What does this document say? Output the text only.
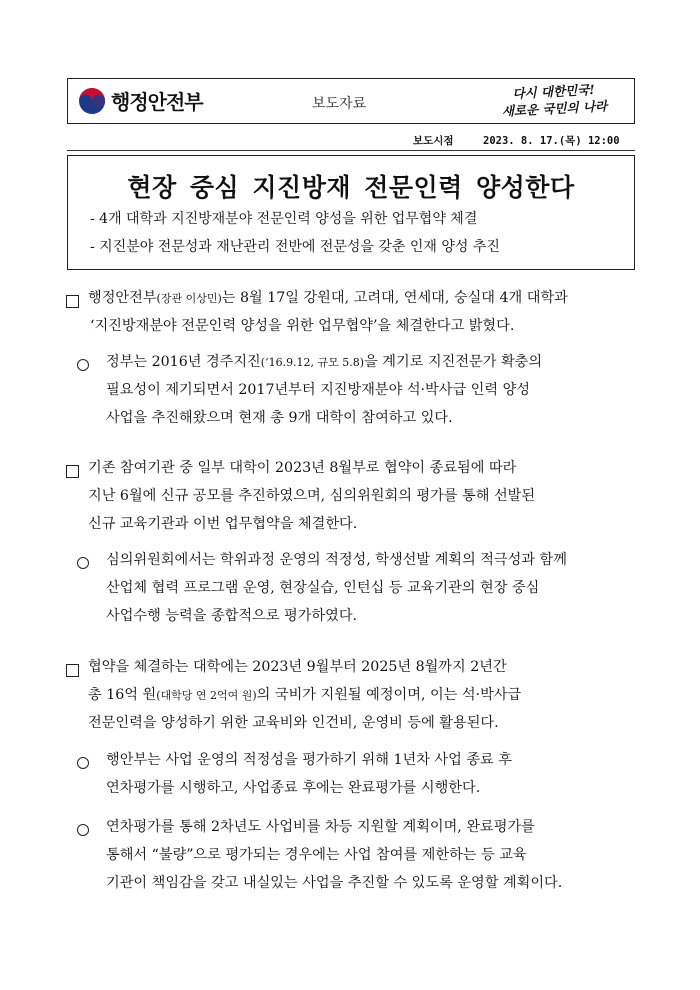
행정안전부	보도자료
다시 대한민국!
새로운 국민의 나라
보도시점	2023. 8. 17.(목) 12:00
현장 중심 지진방재 전문인력 양성한다
- 4개 대학과 지진방재분야 전문인력 양성을 위한 업무협약 체결
- 지진분야 전문성과 재난관리 전반에 전문성을 갖춘 인재 양성 추진
행정안전부(장관 이상민)는 8월 17일 강원대, 고려대, 연세대, 숭실대 4개 대학과
‘지진방재분야 전문인력 양성을 위한 업무협약’을 체결한다고 밝혔다.
정부는 2016년 경주지진(‘16.9.12, 규모 5.8)을 계기로 지진전문가 확충의
필요성이 제기되면서 2017년부터 지진방재분야 석·박사급 인력 양성
사업을 추진해왔으며 현재 총 9개 대학이 참여하고 있다.
기존 참여기관 중 일부 대학이 2023년 8월부로 협약이 종료됨에 따라
지난 6월에 신규 공모를 추진하였으며, 심의위원회의 평가를 통해 선발된
신규 교육기관과 이번 업무협약을 체결한다.
심의위원회에서는 학위과정 운영의 적정성, 학생선발 계획의 적극성과 함께
산업체 협력 프로그램 운영, 현장실습, 인턴십 등 교육기관의 현장 중심
사업수행 능력을 종합적으로 평가하였다.
협약을 체결하는 대학에는 2023년 9월부터 2025년 8월까지 2년간
총 16억 원(대학당 연 2억여 원)의 국비가 지원될 예정이며, 이는 석·박사급
전문인력을 양성하기 위한 교육비와 인건비, 운영비 등에 활용된다.
행안부는 사업 운영의 적정성을 평가하기 위해 1년차 사업 종료 후
연차평가를 시행하고, 사업종료 후에는 완료평가를 시행한다.
연차평가를 통해 2차년도 사업비를 차등 지원할 계획이며, 완료평가를
통해서 “불량”으로 평가되는 경우에는 사업 참여를 제한하는 등 교육
기관이 책임감을 갖고 내실있는 사업을 추진할 수 있도록 운영할 계획이다.
